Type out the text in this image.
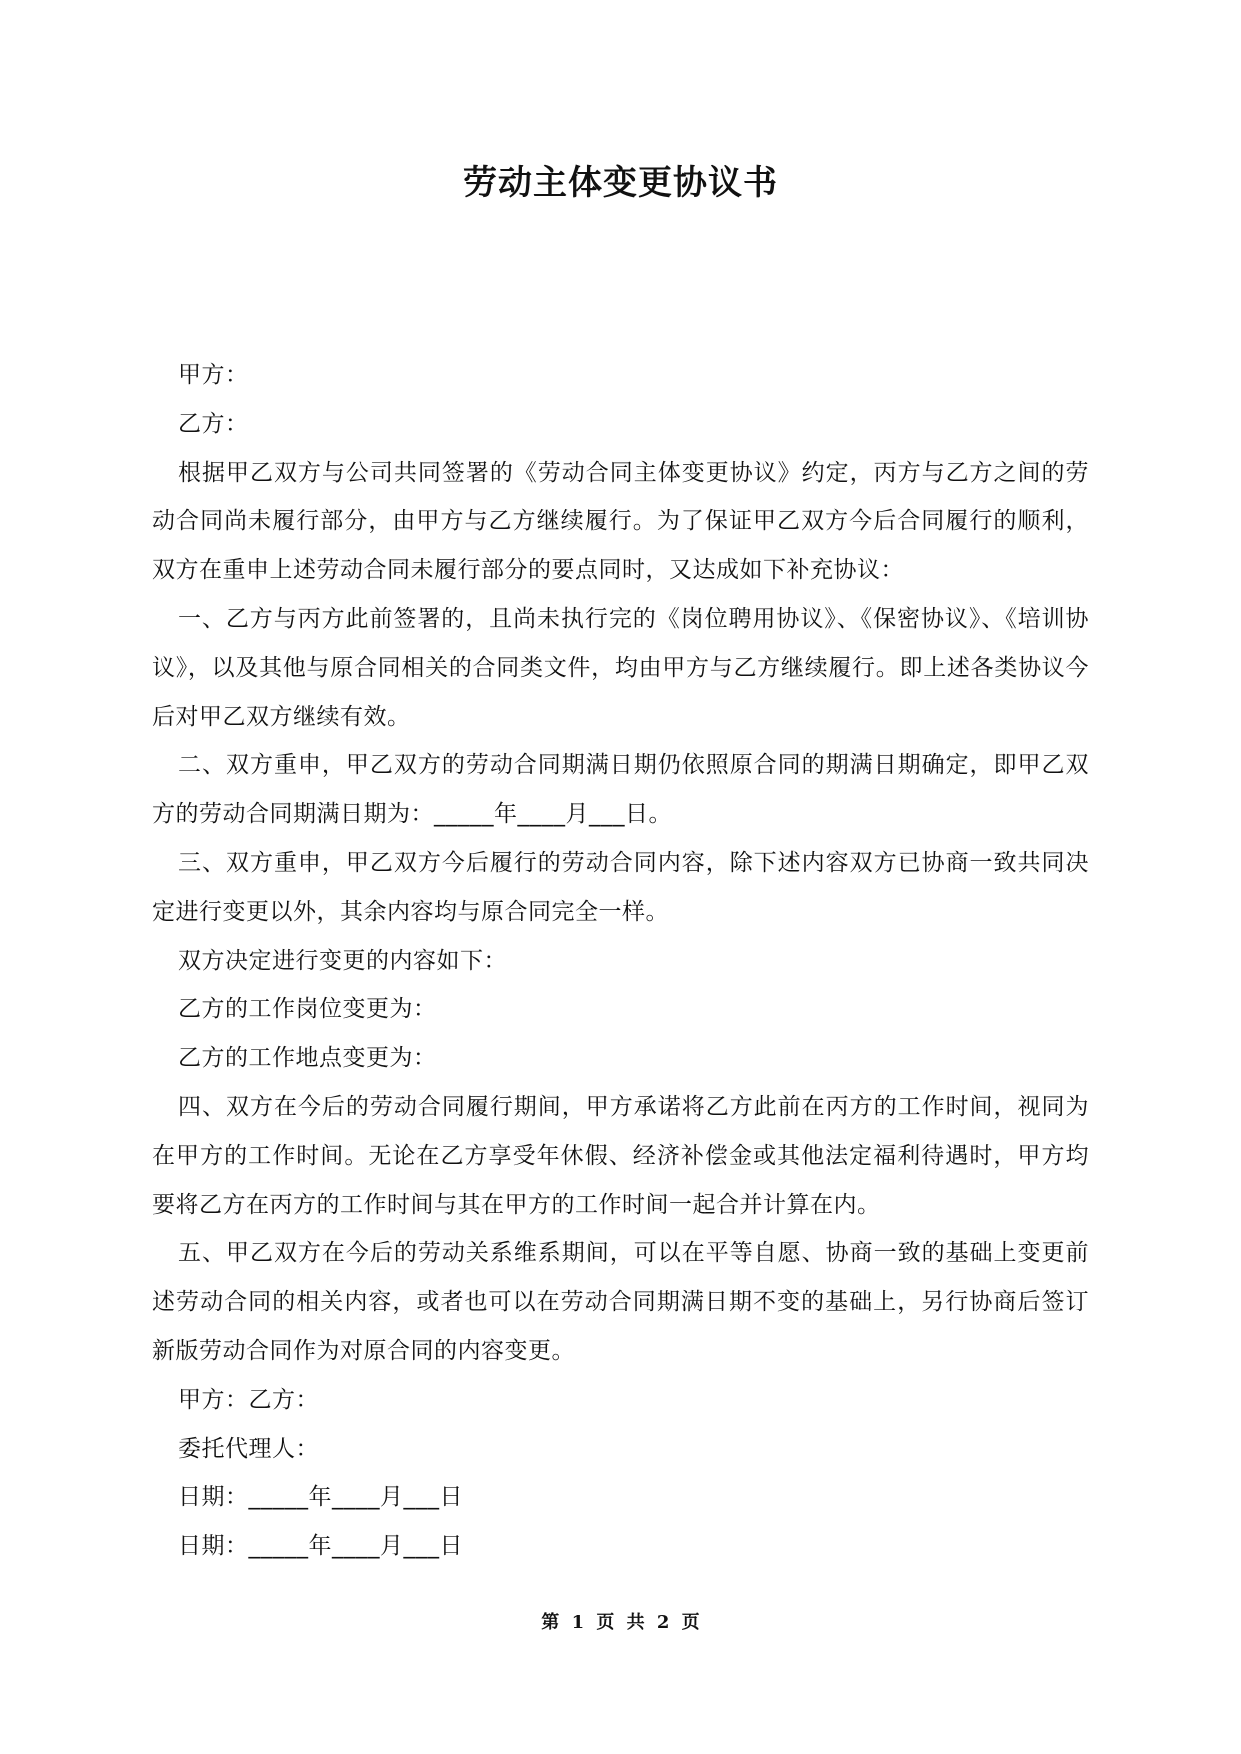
劳动主体变更协议书

甲方：

乙方：

根据甲乙双方与公司共同签署的《劳动合同主体变更协议》约定，丙方与乙方之间的劳动合同尚未履行部分，由甲方与乙方继续履行。为了保证甲乙双方今后合同履行的顺利，双方在重申上述劳动合同未履行部分的要点同时，又达成如下补充协议：

一、乙方与丙方此前签署的，且尚未执行完的《岗位聘用协议》、《保密协议》、《培训协议》，以及其他与原合同相关的合同类文件，均由甲方与乙方继续履行。即上述各类协议今后对甲乙双方继续有效。

二、双方重申，甲乙双方的劳动合同期满日期仍依照原合同的期满日期确定，即甲乙双方的劳动合同期满日期为：_____年____月___日。

三、双方重申，甲乙双方今后履行的劳动合同内容，除下述内容双方已协商一致共同决定进行变更以外，其余内容均与原合同完全一样。

双方决定进行变更的内容如下：

乙方的工作岗位变更为：

乙方的工作地点变更为：

四、双方在今后的劳动合同履行期间，甲方承诺将乙方此前在丙方的工作时间，视同为在甲方的工作时间。无论在乙方享受年休假、经济补偿金或其他法定福利待遇时，甲方均要将乙方在丙方的工作时间与其在甲方的工作时间一起合并计算在内。

五、甲乙双方在今后的劳动关系维系期间，可以在平等自愿、协商一致的基础上变更前述劳动合同的相关内容，或者也可以在劳动合同期满日期不变的基础上，另行协商后签订新版劳动合同作为对原合同的内容变更。

甲方：乙方：

委托代理人：

日期：_____年____月___日

日期：_____年____月___日

第 1 页 共 2 页
